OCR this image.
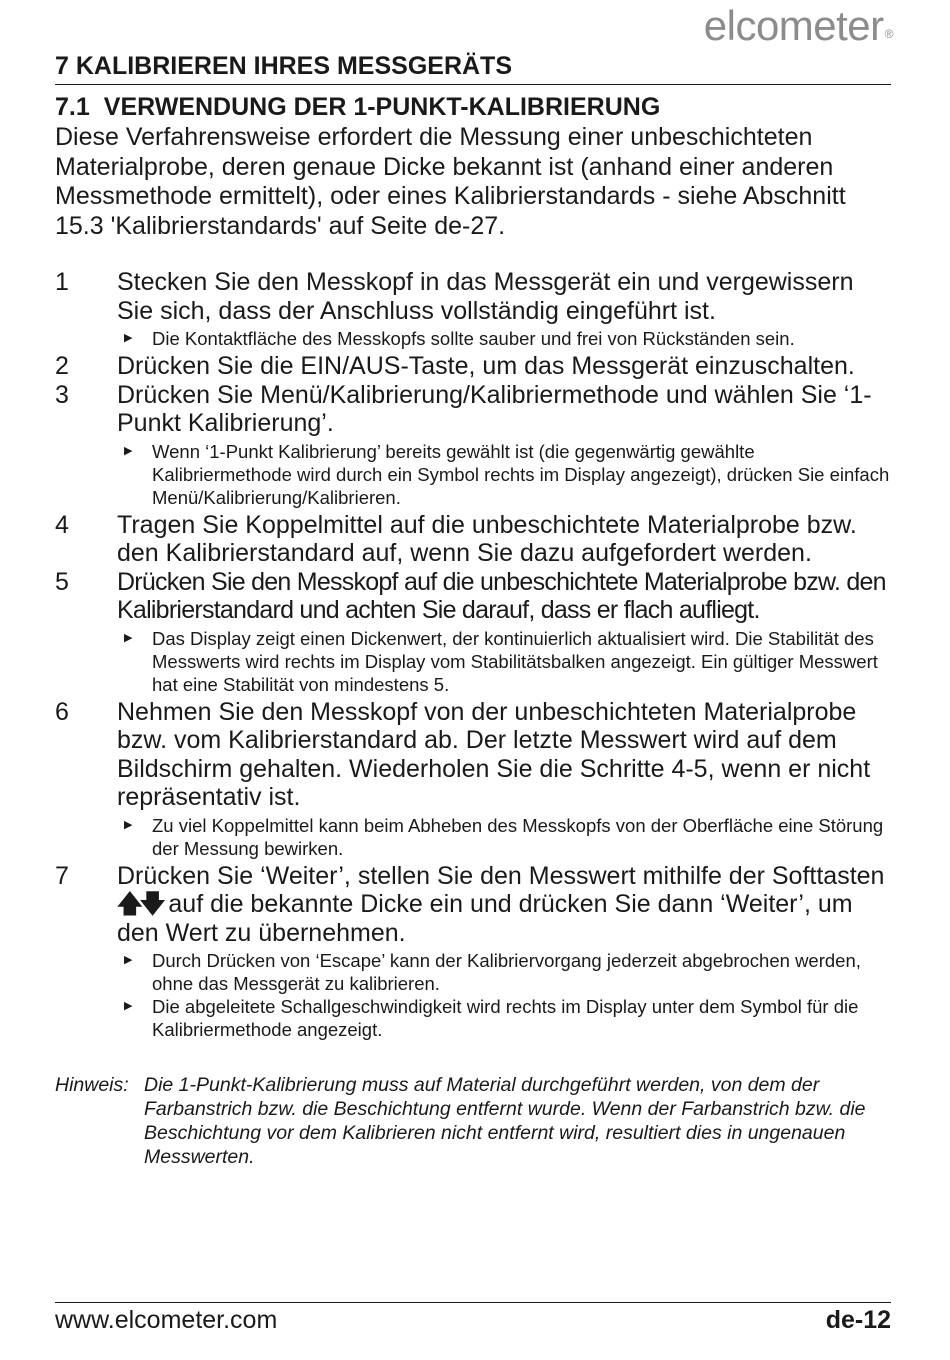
elcometer®
7 KALIBRIEREN IHRES MESSGERÄTS
7.1 VERWENDUNG DER 1-PUNKT-KALIBRIERUNG

Diese Verfahrensweise erfordert die Messung einer unbeschichteten Materialprobe, deren genaue Dicke bekannt ist (anhand einer anderen Messmethode ermittelt), oder eines Kalibrierstandards - siehe Abschnitt 15.3 'Kalibrierstandards' auf Seite de-27.

1	Stecken Sie den Messkopf in das Messgerät ein und vergewissern Sie sich, dass der Anschluss vollständig eingeführt ist.
▶	Die Kontaktfläche des Messkopfs sollte sauber und frei von Rückständen sein.
2	Drücken Sie die EIN/AUS-Taste, um das Messgerät einzuschalten.
3	Drücken Sie Menü/Kalibrierung/Kalibriermethode und wählen Sie ‘1-Punkt Kalibrierung’.
▶	Wenn ‘1-Punkt Kalibrierung’ bereits gewählt ist (die gegenwärtig gewählte Kalibriermethode wird durch ein Symbol rechts im Display angezeigt), drücken Sie einfach Menü/Kalibrierung/Kalibrieren.
4	Tragen Sie Koppelmittel auf die unbeschichtete Materialprobe bzw. den Kalibrierstandard auf, wenn Sie dazu aufgefordert werden.
5	Drücken Sie den Messkopf auf die unbeschichtete Materialprobe bzw. den Kalibrierstandard und achten Sie darauf, dass er flach aufliegt.
▶	Das Display zeigt einen Dickenwert, der kontinuierlich aktualisiert wird. Die Stabilität des Messwerts wird rechts im Display vom Stabilitätsbalken angezeigt. Ein gültiger Messwert hat eine Stabilität von mindestens 5.
6	Nehmen Sie den Messkopf von der unbeschichteten Materialprobe bzw. vom Kalibrierstandard ab. Der letzte Messwert wird auf dem Bildschirm gehalten. Wiederholen Sie die Schritte 4-5, wenn er nicht repräsentativ ist.
▶	Zu viel Koppelmittel kann beim Abheben des Messkopfs von der Oberfläche eine Störung der Messung bewirken.
7	Drücken Sie ‘Weiter’, stellen Sie den Messwert mithilfe der Softtasten 🡅🡇 auf die bekannte Dicke ein und drücken Sie dann ‘Weiter’, um den Wert zu übernehmen.
▶	Durch Drücken von ‘Escape’ kann der Kalibriervorgang jederzeit abgebrochen werden, ohne das Messgerät zu kalibrieren.
▶	Die abgeleitete Schallgeschwindigkeit wird rechts im Display unter dem Symbol für die Kalibriermethode angezeigt.
Hinweis: Die 1-Punkt-Kalibrierung muss auf Material durchgeführt werden, von dem der Farbanstrich bzw. die Beschichtung entfernt wurde. Wenn der Farbanstrich bzw. die Beschichtung vor dem Kalibrieren nicht entfernt wird, resultiert dies in ungenauen Messwerten.
www.elcometer.com	de-12
